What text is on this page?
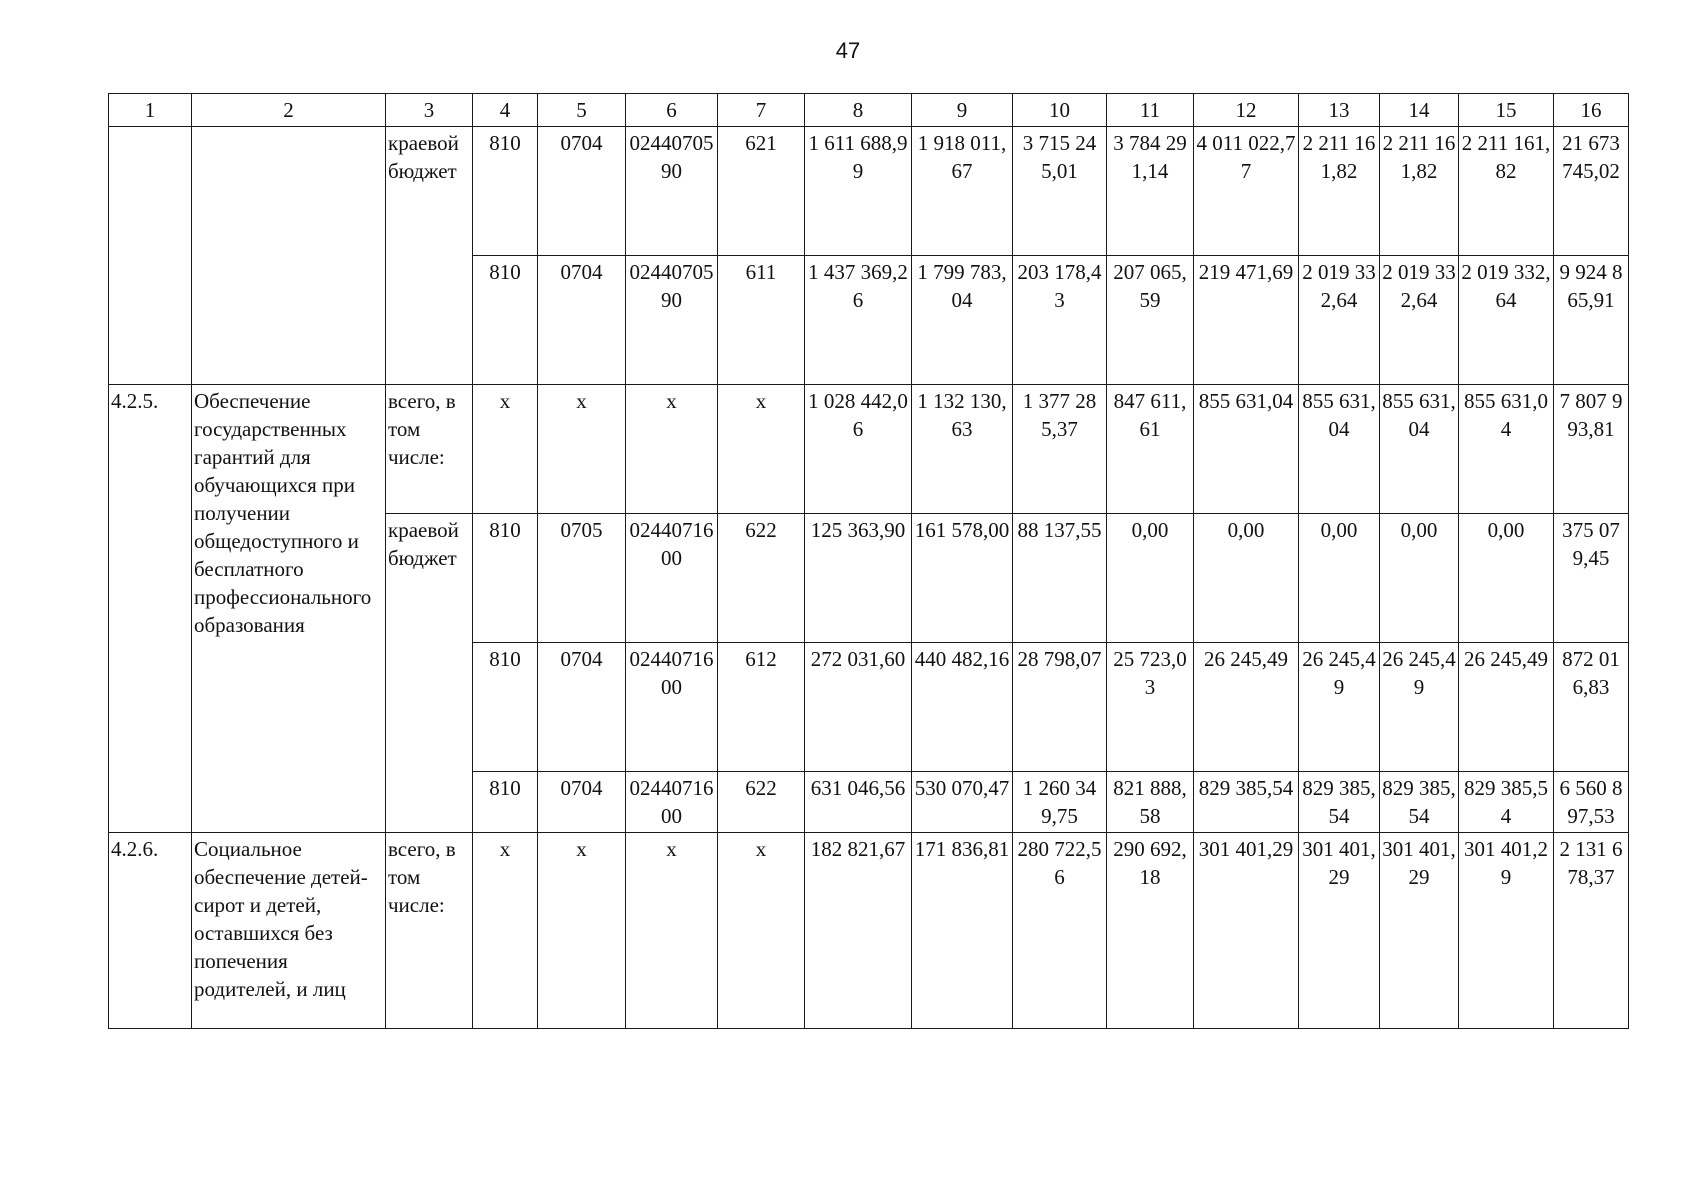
47
1	2	3	4	5	6	7	8	9	10	11	12	13	14	15	16
		краевой бюджет	810	0704	0244070590	621	1 611 688,99	1 918 011,67	3 715 245,01	3 784 291,14	4 011 022,77	2 211 161,82	2 211 161,82	2 211 161,82	21 673 745,02
			810	0704	0244070590	611	1 437 369,26	1 799 783,04	203 178,43	207 065,59	219 471,69	2 019 332,64	2 019 332,64	2 019 332,64	9 924 865,91
4.2.5.	Обеспечение государственных гарантий для обучающихся при получении общедоступного и бесплатного профессионального образования	всего, в том числе:	х	х	х	х	1 028 442,06	1 132 130,63	1 377 285,37	847 611,61	855 631,04	855 631,04	855 631,04	855 631,04	7 807 993,81
		краевой бюджет	810	0705	0244071600	622	125 363,90	161 578,00	88 137,55	0,00	0,00	0,00	0,00	0,00	375 079,45
			810	0704	0244071600	612	272 031,60	440 482,16	28 798,07	25 723,03	26 245,49	26 245,49	26 245,49	26 245,49	872 016,83
			810	0704	0244071600	622	631 046,56	530 070,47	1 260 349,75	821 888,58	829 385,54	829 385,54	829 385,54	829 385,54	6 560 897,53
4.2.6.	Социальное обеспечение детей-сирот и детей, оставшихся без попечения родителей, и лиц	всего, в том числе:	х	х	х	х	182 821,67	171 836,81	280 722,56	290 692,18	301 401,29	301 401,29	301 401,29	301 401,29	2 131 678,37
